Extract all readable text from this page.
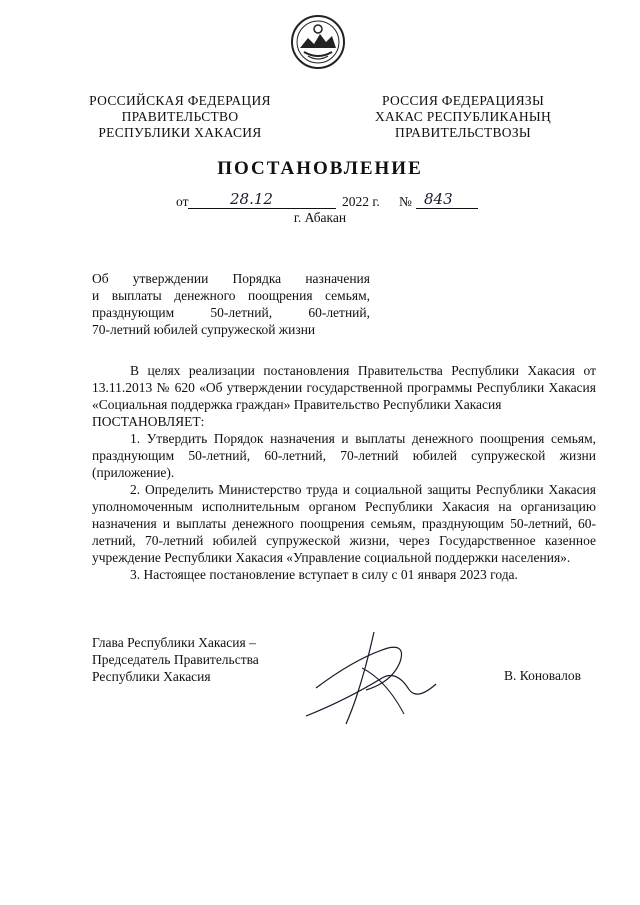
РОССИЙСКАЯ ФЕДЕРАЦИЯ
ПРАВИТЕЛЬСТВО
РЕСПУБЛИКИ ХАКАСИЯ
РОССИЯ ФЕДЕРАЦИЯЗЫ
ХАКАС РЕСПУБЛИКАНЫҢ
ПРАВИТЕЛЬСТВОЗЫ
ПОСТАНОВЛЕНИЕ
от	28.12	2022 г. № 843
г. Абакан
Об утверждении Порядка назначения
и выплаты денежного поощрения семьям,
празднующим 50-летний, 60-летний,
70-летний юбилей супружеской жизни

В целях реализации постановления Правительства Республики Хакасия от 13.11.2013 № 620 «Об утверждении государственной программы Республики Хакасия «Социальная поддержка граждан» Правительство Республики Хакасия
ПОСТАНОВЛЯЕТ:

1. Утвердить Порядок назначения и выплаты денежного поощрения семьям, празднующим 50-летний, 60-летний, 70-летний юбилей супружеской жизни (приложение).

2. Определить Министерство труда и социальной защиты Республики Хакасия уполномоченным исполнительным органом Республики Хакасия на организацию назначения и выплаты денежного поощрения семьям, празднующим 50-летний, 60-летний, 70-летний юбилей супружеской жизни, через Государственное казенное учреждение Республики Хакасия «Управление социальной поддержки населения».

3. Настоящее постановление вступает в силу с 01 января 2023 года.

Глава Республики Хакасия –
Председатель Правительства
Республики Хакасия	В. Коновалов
